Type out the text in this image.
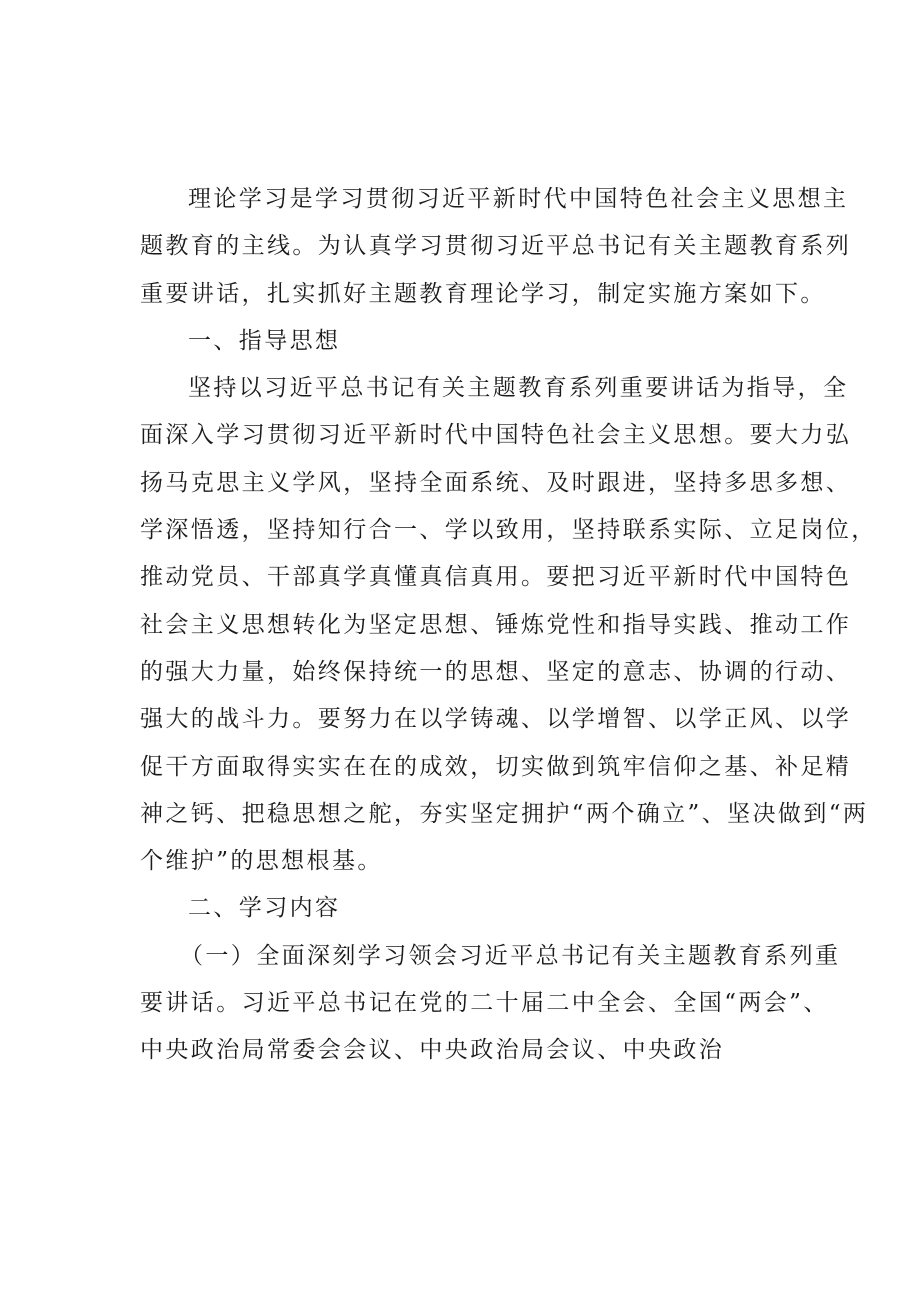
理论学习是学习贯彻习近平新时代中国特色社会主义思想主
题教育的主线。为认真学习贯彻习近平总书记有关主题教育系列
重要讲话，扎实抓好主题教育理论学习，制定实施方案如下。
一、指导思想
坚持以习近平总书记有关主题教育系列重要讲话为指导，全
面深入学习贯彻习近平新时代中国特色社会主义思想。要大力弘
扬马克思主义学风，坚持全面系统、及时跟进，坚持多思多想、
学深悟透，坚持知行合一、学以致用，坚持联系实际、立足岗位，
推动党员、干部真学真懂真信真用。要把习近平新时代中国特色
社会主义思想转化为坚定思想、锤炼党性和指导实践、推动工作
的强大力量，始终保持统一的思想、坚定的意志、协调的行动、
强大的战斗力。要努力在以学铸魂、以学增智、以学正风、以学
促干方面取得实实在在的成效，切实做到筑牢信仰之基、补足精
神之钙、把稳思想之舵，夯实坚定拥护“两个确立”、坚决做到“两
个维护”的思想根基。
二、学习内容
（一）全面深刻学习领会习近平总书记有关主题教育系列重
要讲话。习近平总书记在党的二十届二中全会、全国“两会”、
中央政治局常委会会议、中央政治局会议、中央政治
